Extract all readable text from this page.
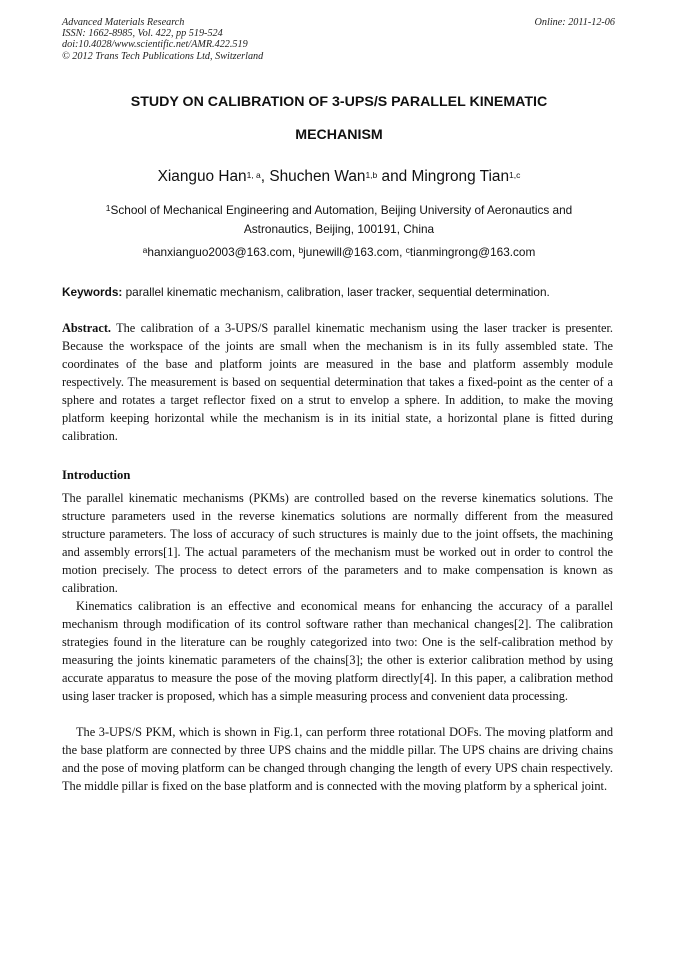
Advanced Materials Research
ISSN: 1662-8985, Vol. 422, pp 519-524
doi:10.4028/www.scientific.net/AMR.422.519
© 2012 Trans Tech Publications Ltd, Switzerland
Online: 2011-12-06
STUDY ON CALIBRATION OF 3-UPS/S PARALLEL KINEMATIC
MECHANISM
Xianguo Han$^{1, a}$, Shuchen Wan$^{1,b}$ and Mingrong Tian$^{1,c}$
$^1$School of Mechanical Engineering and Automation, Beijing University of Aeronautics and Astronautics, Beijing, 100191, China
$^a$hanxianguo2003@163.com, $^b$junewill@163.com, $^c$tianmingrong@163.com
Keywords: parallel kinematic mechanism, calibration, laser tracker, sequential determination.
Abstract. The calibration of a 3-UPS/S parallel kinematic mechanism using the laser tracker is presenter. Because the workspace of the joints are small when the mechanism is in its fully assembled state. The coordinates of the base and platform joints are measured in the base and platform assembly module respectively. The measurement is based on sequential determination that takes a fixed-point as the center of a sphere and rotates a target reflector fixed on a strut to envelop a sphere. In addition, to make the moving platform keeping horizontal while the mechanism is in its initial state, a horizontal plane is fitted during calibration.
Introduction
The parallel kinematic mechanisms (PKMs) are controlled based on the reverse kinematics solutions. The structure parameters used in the reverse kinematics solutions are normally different from the measured structure parameters. The loss of accuracy of such structures is mainly due to the joint offsets, the machining and assembly errors[1]. The actual parameters of the mechanism must be worked out in order to control the motion precisely. The process to detect errors of the parameters and to make compensation is known as calibration.
Kinematics calibration is an effective and economical means for enhancing the accuracy of a parallel mechanism through modification of its control software rather than mechanical changes[2]. The calibration strategies found in the literature can be roughly categorized into two: One is the self-calibration method by measuring the joints kinematic parameters of the chains[3]; the other is exterior calibration method by using accurate apparatus to measure the pose of the moving platform directly[4]. In this paper, a calibration method using laser tracker is proposed, which has a simple measuring process and convenient data processing.
The 3-UPS/S PKM, which is shown in Fig.1, can perform three rotational DOFs. The moving platform and the base platform are connected by three UPS chains and the middle pillar. The UPS chains are driving chains and the pose of moving platform can be changed through changing the length of every UPS chain respectively. The middle pillar is fixed on the base platform and is connected with the moving platform by a spherical joint.
